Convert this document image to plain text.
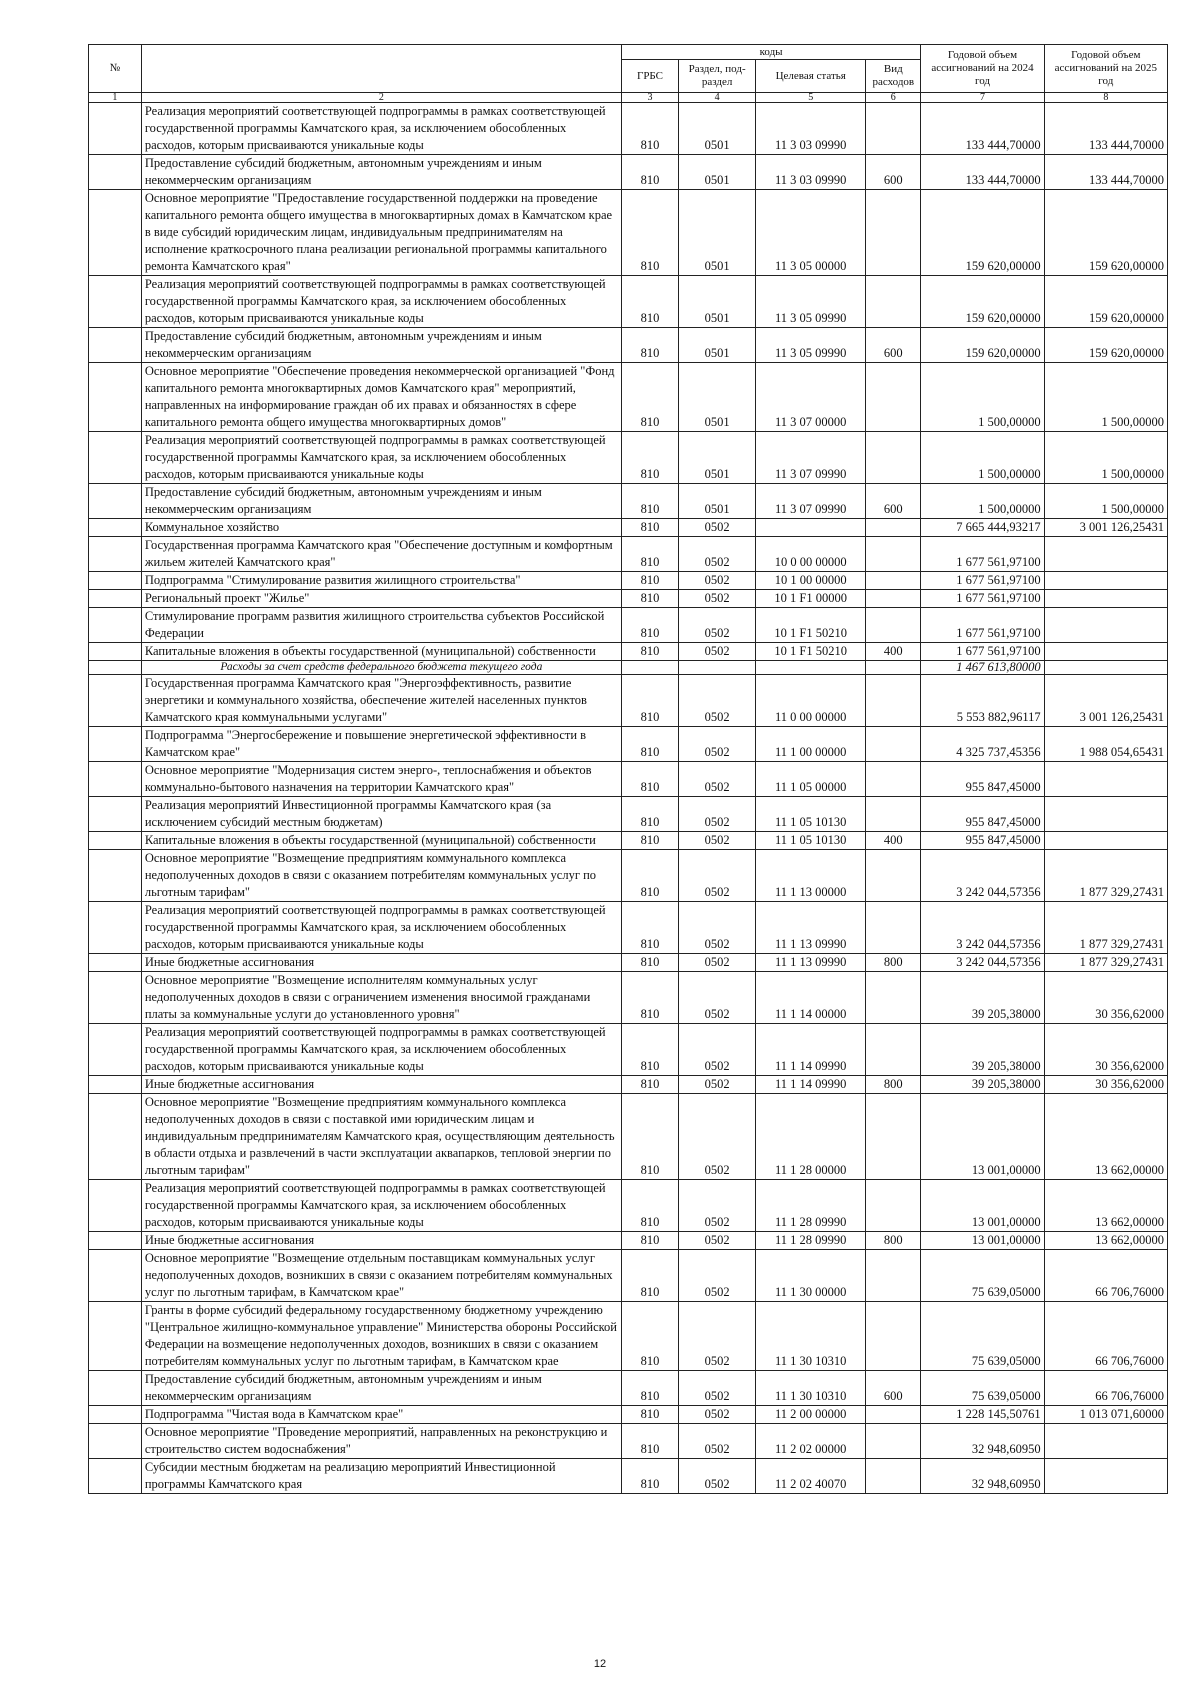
№		коды				Годовой объем ассигнований на 2024 год	Годовой объем ассигнований на 2025 год
		ГРБС	Раздел, под-раздел	Целевая статья	Вид расходов		
1	2	3	4	5	6	7	8
	Реализация мероприятий соответствующей подпрограммы в рамках соответствующей государственной программы Камчатского края, за исключением обособленных расходов, которым присваиваются уникальные коды	810	0501	11 3 03 09990		133 444,70000	133 444,70000
	Предоставление субсидий бюджетным, автономным учреждениям и иным некоммерческим организациям	810	0501	11 3 03 09990	600	133 444,70000	133 444,70000
	Основное мероприятие "Предоставление государственной поддержки на проведение капитального ремонта общего имущества в многоквартирных домах в Камчатском крае в виде субсидий юридическим лицам, индивидуальным предпринимателям на исполнение краткосрочного плана реализации региональной программы капитального ремонта Камчатского края"	810	0501	11 3 05 00000		159 620,00000	159 620,00000
	Реализация мероприятий соответствующей подпрограммы в рамках соответствующей государственной программы Камчатского края, за исключением обособленных расходов, которым присваиваются уникальные коды	810	0501	11 3 05 09990		159 620,00000	159 620,00000
	Предоставление субсидий бюджетным, автономным учреждениям и иным некоммерческим организациям	810	0501	11 3 05 09990	600	159 620,00000	159 620,00000
	Основное мероприятие "Обеспечение проведения некоммерческой организацией "Фонд капитального ремонта многоквартирных домов Камчатского края" мероприятий, направленных на информирование граждан об их правах и обязанностях в сфере капитального ремонта общего имущества многоквартирных домов"	810	0501	11 3 07 00000		1 500,00000	1 500,00000
	Реализация мероприятий соответствующей подпрограммы в рамках соответствующей государственной программы Камчатского края, за исключением обособленных расходов, которым присваиваются уникальные коды	810	0501	11 3 07 09990		1 500,00000	1 500,00000
	Предоставление субсидий бюджетным, автономным учреждениям и иным некоммерческим организациям	810	0501	11 3 07 09990	600	1 500,00000	1 500,00000
	Коммунальное хозяйство	810	0502			7 665 444,93217	3 001 126,25431
	Государственная программа Камчатского края "Обеспечение доступным и комфортным жильем жителей Камчатского края"	810	0502	10 0 00 00000		1 677 561,97100	
	Подпрограмма "Стимулирование развития жилищного строительства"	810	0502	10 1 00 00000		1 677 561,97100	
	Региональный проект "Жилье"	810	0502	10 1 F1 00000		1 677 561,97100	
	Стимулирование программ развития жилищного строительства субъектов Российской Федерации	810	0502	10 1 F1 50210		1 677 561,97100	
	Капитальные вложения в объекты государственной (муниципальной) собственности	810	0502	10 1 F1 50210	400	1 677 561,97100	
	Расходы за счет средств федерального бюджета текущего года					1 467 613,80000	
	Государственная программа Камчатского края "Энергоэффективность, развитие энергетики и коммунального хозяйства, обеспечение жителей населенных пунктов Камчатского края коммунальными услугами"	810	0502	11 0 00 00000		5 553 882,96117	3 001 126,25431
	Подпрограмма "Энергосбережение и повышение энергетической эффективности в Камчатском крае"	810	0502	11 1 00 00000		4 325 737,45356	1 988 054,65431
	Основное мероприятие "Модернизация систем энерго-, теплоснабжения и объектов коммунально-бытового назначения на территории Камчатского края"	810	0502	11 1 05 00000		955 847,45000	
	Реализация мероприятий Инвестиционной программы Камчатского края (за исключением субсидий местным бюджетам)	810	0502	11 1 05 10130		955 847,45000	
	Капитальные вложения в объекты государственной (муниципальной) собственности	810	0502	11 1 05 10130	400	955 847,45000	
	Основное мероприятие "Возмещение предприятиям коммунального комплекса недополученных доходов в связи с оказанием потребителям коммунальных услуг по льготным тарифам"	810	0502	11 1 13 00000		3 242 044,57356	1 877 329,27431
	Реализация мероприятий соответствующей подпрограммы в рамках соответствующей государственной программы Камчатского края, за исключением обособленных расходов, которым присваиваются уникальные коды	810	0502	11 1 13 09990		3 242 044,57356	1 877 329,27431
	Иные бюджетные ассигнования	810	0502	11 1 13 09990	800	3 242 044,57356	1 877 329,27431
	Основное мероприятие "Возмещение исполнителям коммунальных услуг недополученных доходов в связи с ограничением изменения вносимой гражданами платы за коммунальные услуги до установленного уровня"	810	0502	11 1 14 00000		39 205,38000	30 356,62000
	Реализация мероприятий соответствующей подпрограммы в рамках соответствующей государственной программы Камчатского края, за исключением обособленных расходов, которым присваиваются уникальные коды	810	0502	11 1 14 09990		39 205,38000	30 356,62000
	Иные бюджетные ассигнования	810	0502	11 1 14 09990	800	39 205,38000	30 356,62000
	Основное мероприятие "Возмещение предприятиям коммунального комплекса недополученных доходов в связи с поставкой ими юридическим лицам и индивидуальным предпринимателям Камчатского края, осуществляющим деятельность в области отдыха и развлечений в части эксплуатации аквапарков, тепловой энергии по льготным тарифам"	810	0502	11 1 28 00000		13 001,00000	13 662,00000
	Реализация мероприятий соответствующей подпрограммы в рамках соответствующей государственной программы Камчатского края, за исключением обособленных расходов, которым присваиваются уникальные коды	810	0502	11 1 28 09990		13 001,00000	13 662,00000
	Иные бюджетные ассигнования	810	0502	11 1 28 09990	800	13 001,00000	13 662,00000
	Основное мероприятие "Возмещение отдельным поставщикам коммунальных услуг недополученных доходов, возникших в связи с оказанием потребителям коммунальных услуг по льготным тарифам, в Камчатском крае"	810	0502	11 1 30 00000		75 639,05000	66 706,76000
	Гранты в форме субсидий федеральному государственному бюджетному учреждению "Центральное жилищно-коммунальное управление" Министерства обороны Российской Федерации на возмещение недополученных доходов, возникших в связи с оказанием потребителям коммунальных услуг по льготным тарифам, в Камчатском крае	810	0502	11 1 30 10310		75 639,05000	66 706,76000
	Предоставление субсидий бюджетным, автономным учреждениям и иным некоммерческим организациям	810	0502	11 1 30 10310	600	75 639,05000	66 706,76000
	Подпрограмма "Чистая вода в Камчатском крае"	810	0502	11 2 00 00000		1 228 145,50761	1 013 071,60000
	Основное мероприятие "Проведение мероприятий, направленных на реконструкцию и строительство систем водоснабжения"	810	0502	11 2 02 00000		32 948,60950	
	Субсидии местным бюджетам на реализацию мероприятий Инвестиционной программы Камчатского края	810	0502	11 2 02 40070		32 948,60950	
12
